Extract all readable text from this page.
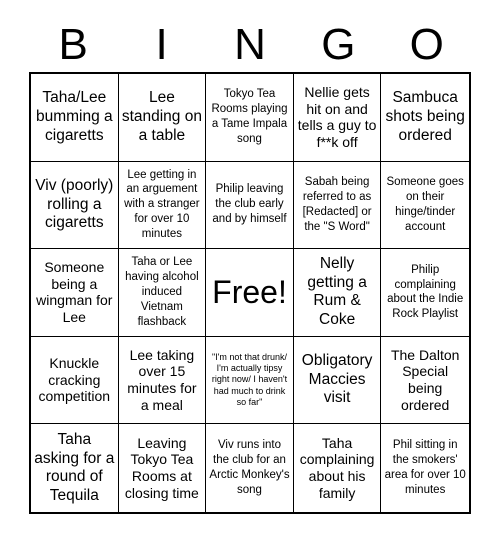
B	I	N	G	O
Taha/Lee bumming a cigaretts
Lee standing on a table
Tokyo Tea Rooms playing a Tame Impala song
Nellie gets hit on and tells a guy to f**k off
Sambuca shots being ordered
Viv (poorly) rolling a cigaretts
Lee getting in an arguement with a stranger for over 10 minutes
Philip leaving the club early and by himself
Sabah being referred to as [Redacted] or the "S Word"
Someone goes on their hinge/tinder account
Someone being a wingman for Lee
Taha or Lee having alcohol induced Vietnam flashback
Free!
Nelly getting a Rum & Coke
Philip complaining about the Indie Rock Playlist
Knuckle cracking competition
Lee taking over 15 minutes for a meal
"I'm not that drunk/ I'm actually tipsy right now/ I haven't had much to drink so far"
Obligatory Maccies visit
The Dalton Special being ordered
Taha asking for a round of Tequila
Leaving Tokyo Tea Rooms at closing time
Viv runs into the club for an Arctic Monkey's song
Taha complaining about his family
Phil sitting in the smokers' area for over 10 minutes
